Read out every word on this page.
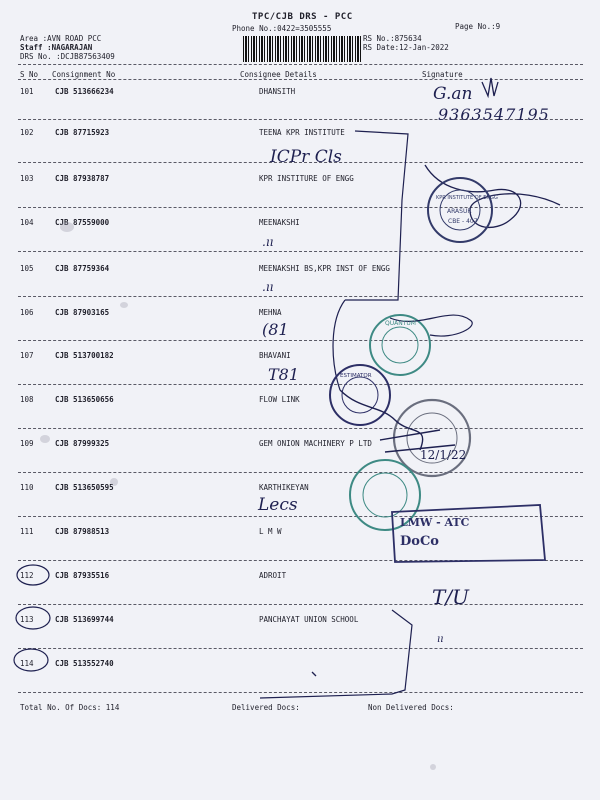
TPC/CJB DRS - PCC
Phone No.:0422=3505555	Page No.:9
Area :AVN ROAD PCC
Staff :NAGARAJAN
DRS No. :DCJB87563409
RS No.:875634
RS Date:12-Jan-2022
S No Consignment No	Consignee Details	Signature
101	CJB 513666234	DHANSITH
102	CJB 87715923	TEENA KPR INSTITUTE
103	CJB 87938787	KPR INSTITURE OF ENGG
104	CJB 87559000	MEENAKSHI
105	CJB 87759364	MEENAKSHI BS,KPR INST OF ENGG
106	CJB 87903165	MEHNA
107	CJB 513700182	BHAVANI
108	CJB 513650656	FLOW LINK
109	CJB 87999325	GEM ONION MACHINERY P LTD
110	CJB 513650595	KARTHIKEYAN
111	CJB 87988513	L M W
112	CJB 87935516	ADROIT
113	CJB 513699744	PANCHAYAT UNION SCHOOL
114	CJB 513552740
Total No. Of Docs: 114	Delivered Docs:	Non Delivered Docs:
G.an
9363547195
ICPr Cls
.ıı
.ıı
(81
T81
Lecs
T/U
ıı
LMW - ATC
DoCo
KPR INSTITUTE OF ENGG
ARASUR
CBE - 407
QUANTUM
ESTIMATOR
12/1/22
